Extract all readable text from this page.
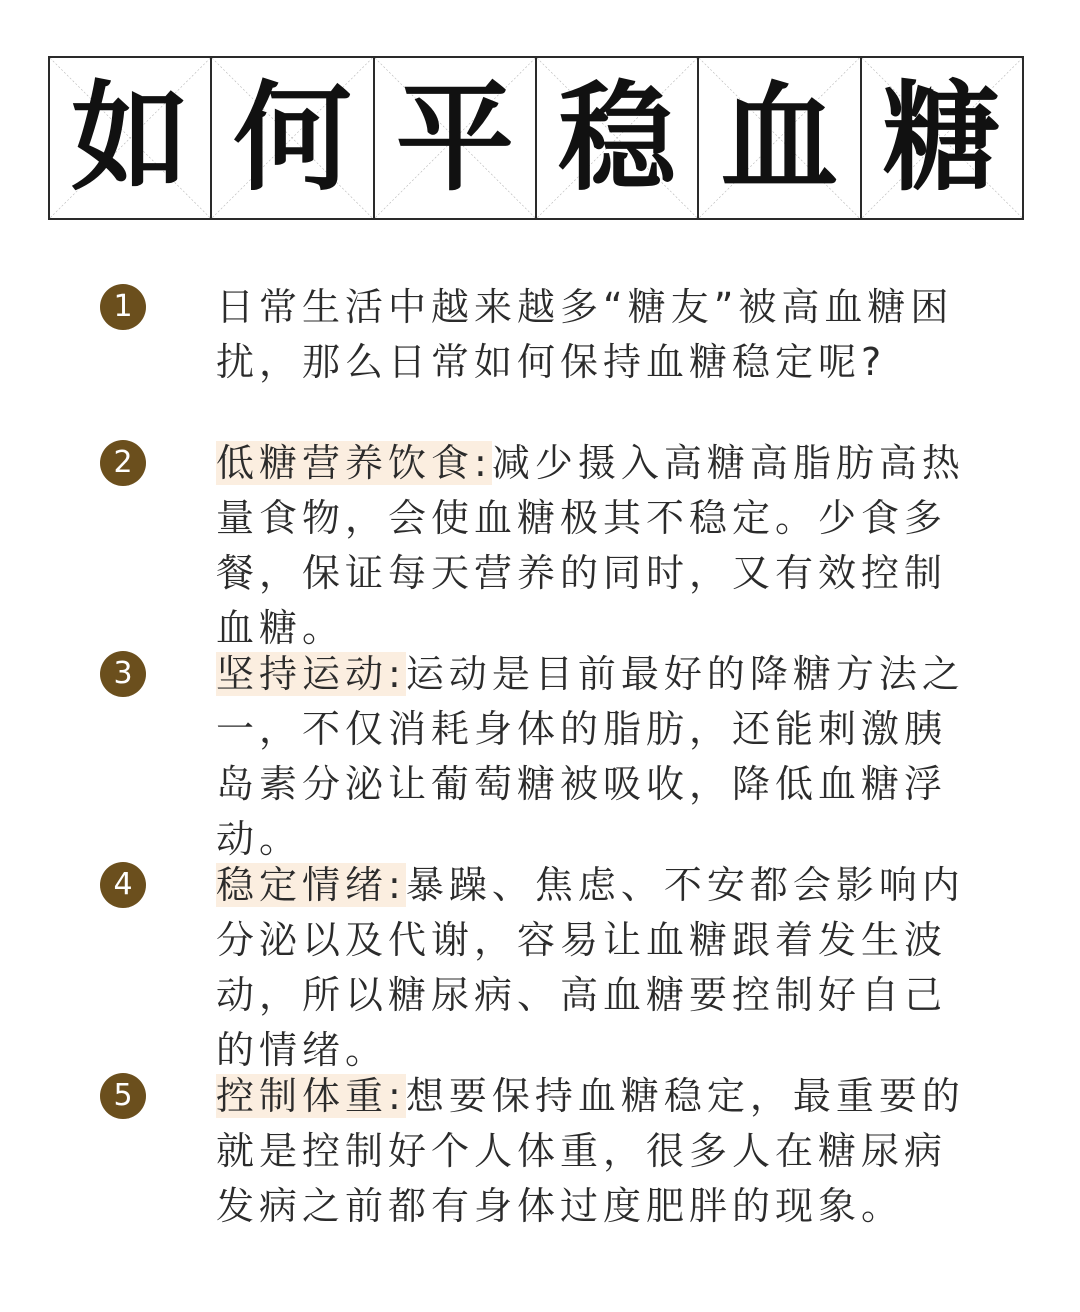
如 何 平 稳 血 糖
1	日常生活中越来越多“糖友”被高血糖困扰，那么日常如何保持血糖稳定呢?
2	低糖营养饮食:减少摄入高糖高脂肪高热量食物，会使血糖极其不稳定。少食多餐，保证每天营养的同时，又有效控制血糖。
3	坚持运动:运动是目前最好的降糖方法之一，不仅消耗身体的脂肪，还能刺激胰岛素分泌让葡萄糖被吸收，降低血糖浮动。
4	稳定情绪:暴躁、焦虑、不安都会影响内分泌以及代谢，容易让血糖跟着发生波动，所以糖尿病、高血糖要控制好自己的情绪。
5	控制体重:想要保持血糖稳定，最重要的就是控制好个人体重，很多人在糖尿病发病之前都有身体过度肥胖的现象。
